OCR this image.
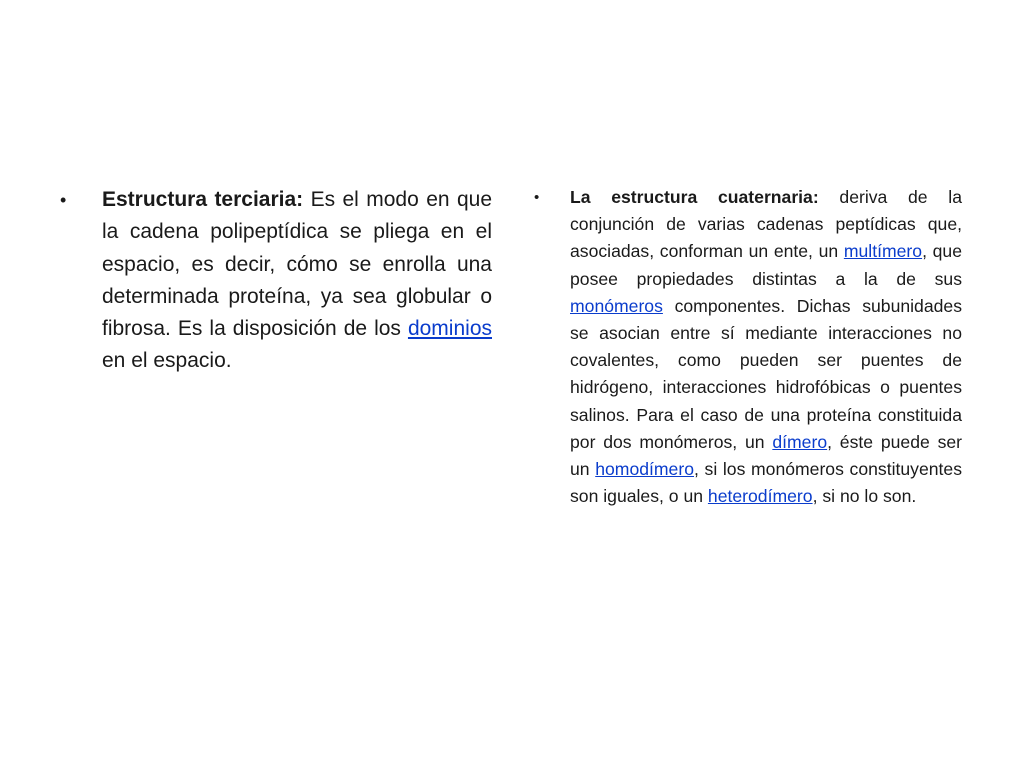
• Estructura terciaria: Es el modo en que la cadena polipeptídica se pliega en el espacio, es decir, cómo se enrolla una determinada proteína, ya sea globular o fibrosa. Es la disposición de los dominios en el espacio.

• La estructura cuaternaria: deriva de la conjunción de varias cadenas peptídicas que, asociadas, conforman un ente, un multímero, que posee propiedades distintas a la de sus monómeros componentes. Dichas subunidades se asocian entre sí mediante interacciones no covalentes, como pueden ser puentes de hidrógeno, interacciones hidrofóbicas o puentes salinos. Para el caso de una proteína constituida por dos monómeros, un dímero, éste puede ser un homodímero, si los monómeros constituyentes son iguales, o un heterodímero, si no lo son.
